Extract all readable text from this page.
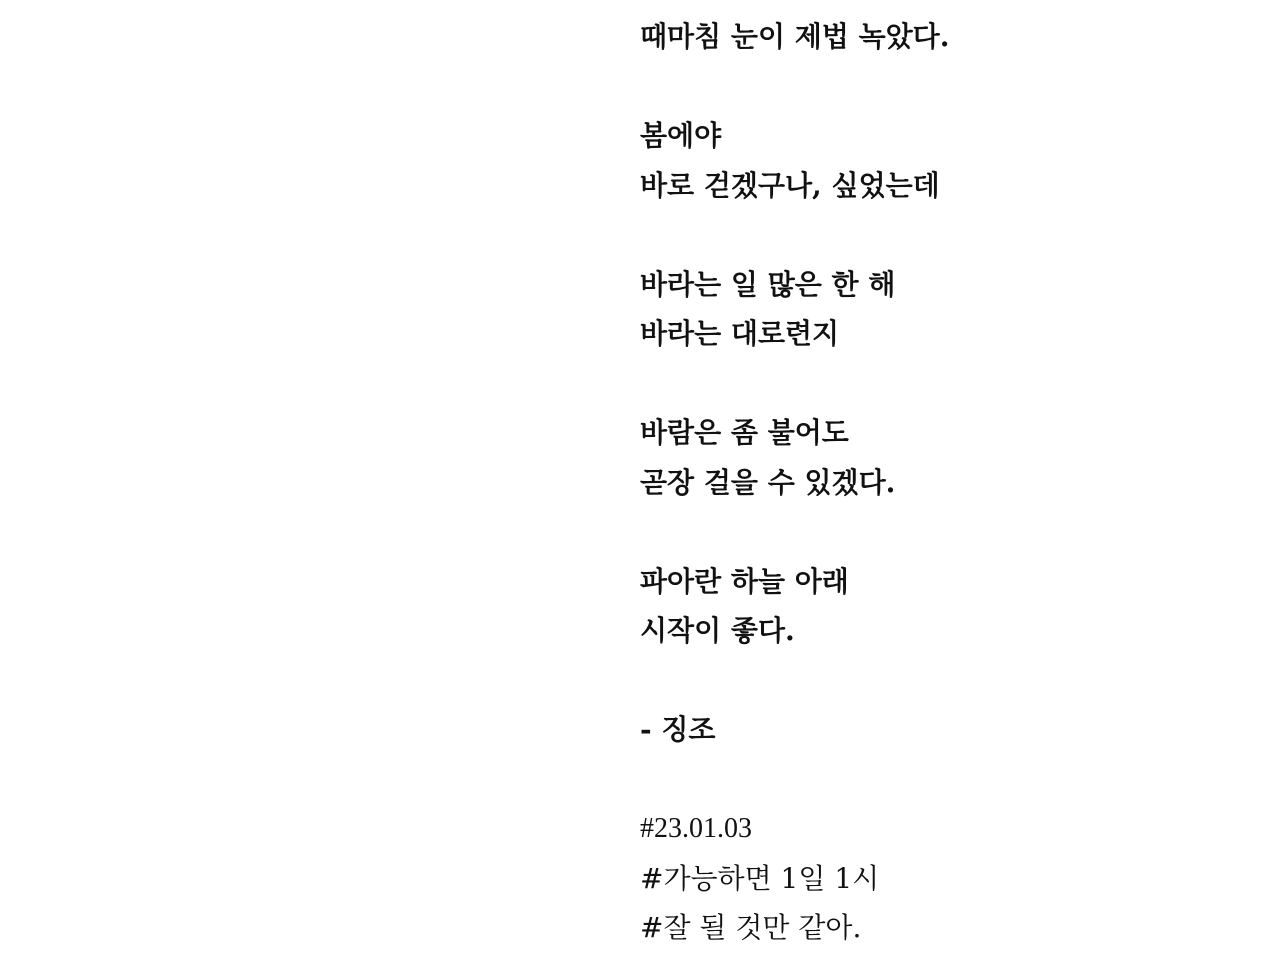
때마침 눈이 제법 녹았다.
봄에야
바로 걷겠구나, 싶었는데
바라는 일 많은 한 해
바라는 대로련지
바람은 좀 불어도
곧장 걸을 수 있겠다.
파아란 하늘 아래
시작이 좋다.
- 징조
#23.01.03
#가능하면 1일 1시
#잘 될 것만 같아.
